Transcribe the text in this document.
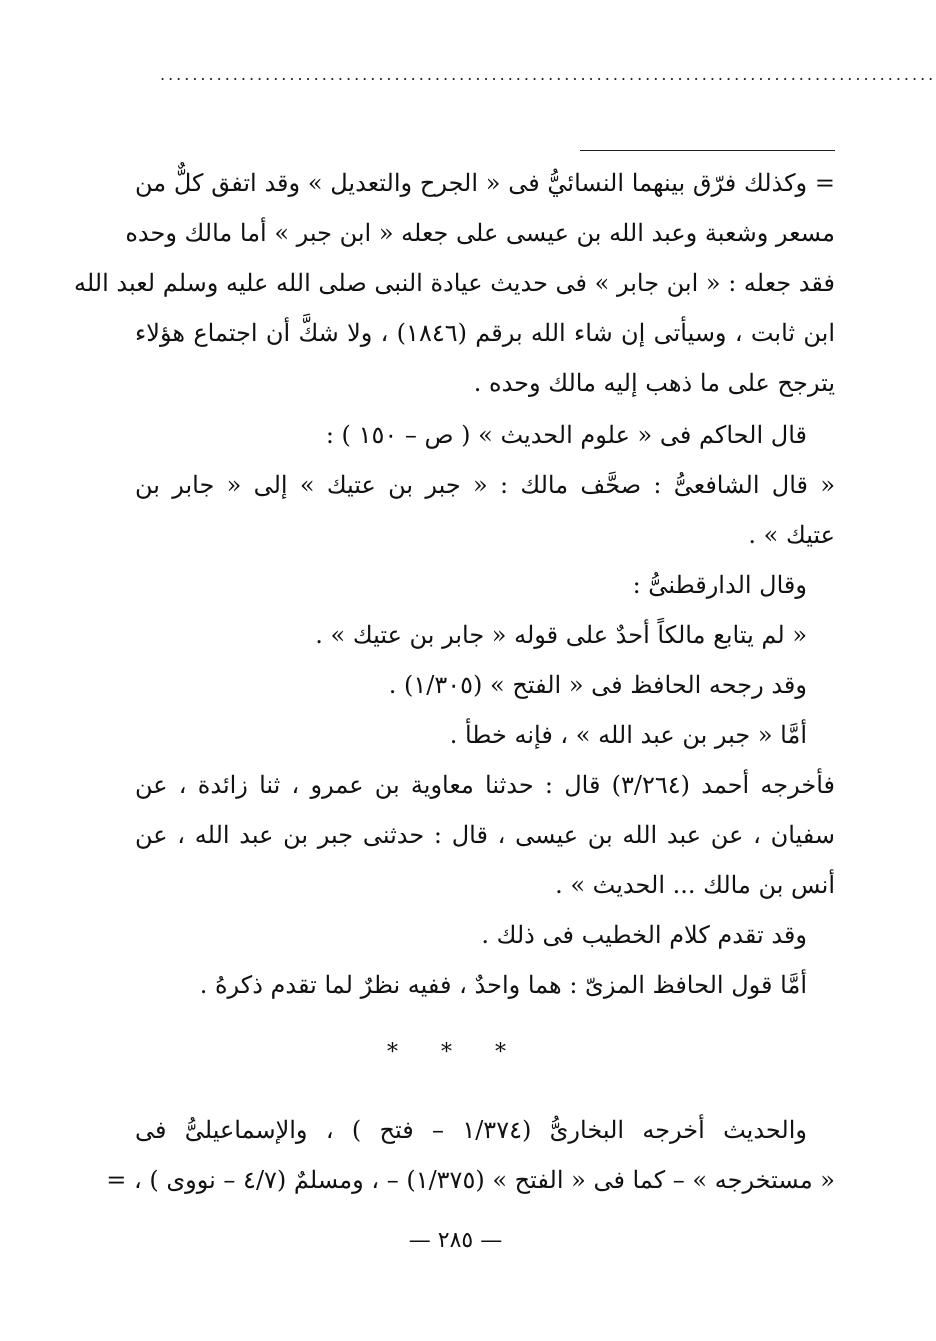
................................................................................................
= وكذلك فرّق بينهما النسائيُّ فى « الجرح والتعديل » وقد اتفق كلٌّ من
مسعر وشعبة وعبد الله بن عيسى على جعله « ابن جبر » أما مالك وحده
فقد جعله : « ابن جابر » فى حديث عيادة النبى صلى الله عليه وسلم لعبد الله
ابن ثابت ، وسيأتى إن شاء الله برقم (١٨٤٦) ، ولا شكَّ أن اجتماع هؤلاء
يترجح على ما ذهب إليه مالك وحده .
قال الحاكم فى « علوم الحديث » ( ص – ١٥٠ ) :
« قال الشافعىُّ : صحَّف مالك : « جبر بن عتيك » إلى « جابر بن
عتيك » .
وقال الدارقطنىُّ :
« لم يتابع مالكاً أحدٌ على قوله « جابر بن عتيك » .
وقد رجحه الحافظ فى « الفتح » (١/٣٠٥) .
أمَّا « جبر بن عبد الله » ، فإنه خطأ .
فأخرجه أحمد (٣/٢٦٤) قال : حدثنا معاوية بن عمرو ، ثنا زائدة ، عن
سفيان ، عن عبد الله بن عيسى ، قال : حدثنى جبر بن عبد الله ، عن
أنس بن مالك ... الحديث » .
وقد تقدم كلام الخطيب فى ذلك .
أمَّا قول الحافظ المزىّ : هما واحدٌ ، ففيه نظرٌ لما تقدم ذكرهُ .
* * *
والحديث أخرجه البخارىُّ (١/٣٧٤ – فتح ) ، والإسماعيلىُّ فى
« مستخرجه » – كما فى « الفتح » (١/٣٧٥) – ، ومسلمٌ (٤/٧ – نووى ) ، =
— ٢٨٥ —
